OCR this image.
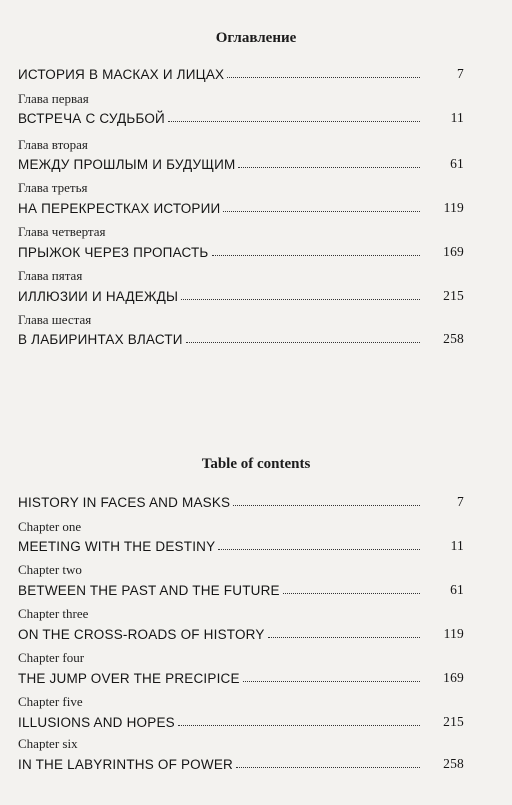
Оглавление
ИСТОРИЯ В МАСКАХ И ЛИЦАХ	7
Глава первая
ВСТРЕЧА С СУДЬБОЙ	11
Глава вторая
МЕЖДУ ПРОШЛЫМ И БУДУЩИМ	61
Глава третья
НА ПЕРЕКРЕСТКАХ ИСТОРИИ	119
Глава четвертая
ПРЫЖОК ЧЕРЕЗ ПРОПАСТЬ	169
Глава пятая
ИЛЛЮЗИИ И НАДЕЖДЫ	215
Глава шестая
В ЛАБИРИНТАХ ВЛАСТИ	258
Table of contents
HISTORY IN FACES AND MASKS	7
Chapter one
MEETING WITH THE DESTINY	11
Chapter two
BETWEEN THE PAST AND THE FUTURE	61
Chapter three
ON THE CROSS-ROADS OF HISTORY	119
Chapter four
THE JUMP OVER THE PRECIPICE	169
Chapter five
ILLUSIONS AND HOPES	215
Chapter six
IN THE LABYRINTHS OF POWER	258
